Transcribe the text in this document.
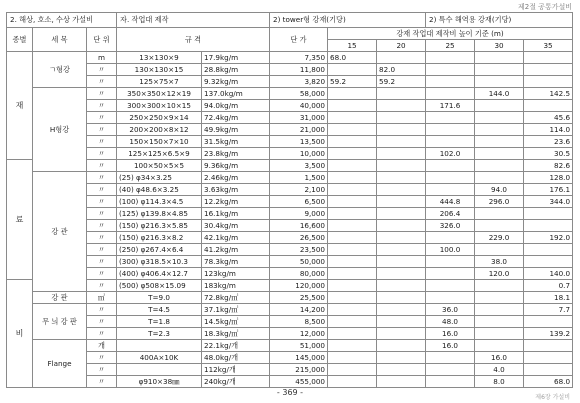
제2절 공통가설비
2. 해상, 호소, 수상 가설비			자. 작업대 제작		2) tower형 강재(기당)			2) 특수 해역용 강재(기당)		
종별	세 목	단 위	규 격		단 가	강재 작업대 제작비 높이 기준 (m)				
						15	20	25	30	35
재	ㄱ형강	m	13×130×9	17.9kg/m	7,350	68.0				
		〃	130×130×15	28.8kg/m	11,800		82.0			
		〃	125×75×7	9.32kg/m	3,820	59.2	59.2			
	H형강	〃	350×350×12×19	137.0kg/m	58,000				144.0	142.5
		〃	300×300×10×15	94.0kg/m	40,000			171.6		
		〃	250×250×9×14	72.4kg/m	31,000					45.6
		〃	200×200×8×12	49.9kg/m	21,000					114.0
		〃	150×150×7×10	31.5kg/m	13,500					23.6
		〃	125×125×6.5×9	23.8kg/m	10,000			102.0		30.5
료		〃	100×50×5×5	9.36kg/m	3,500					82.6
	강 관	〃	(25) φ34×3.25	2.46kg/m	1,500					128.0
		〃	(40) φ48.6×3.25	3.63kg/m	2,100				94.0	176.1
		〃	(100) φ114.3×4.5	12.2kg/m	6,500			444.8	296.0	344.0
		〃	(125) φ139.8×4.85	16.1kg/m	9,000			206.4		
		〃	(150) φ216.3×5.85	30.4kg/m	16,600			326.0		
		〃	(150) φ216.3×8.2	42.1kg/m	26,500				229.0	192.0
		〃	(250) φ267.4×6.4	41.2kg/m	23,500			100.0		
		〃	(300) φ318.5×10.3	78.3kg/m	50,000				38.0	
		〃	(400) φ406.4×12.7	123kg/m	80,000				120.0	140.0
비		〃	(500) φ508×15.09	183kg/m	120,000					0.7
	강 판	㎡	T=9.0	72.8kg/㎡	25,500					18.1
	무 늬 강 판	〃	T=4.5	37.1kg/㎡	14,200			36.0		7.7
		〃	T=1.8	14.5kg/㎡	8,500			48.0		
		〃	T=2.3	18.3kg/㎡	12,000			16.0		139.2
	Flange	개		22.1kg/개	51,000			16.0		
		〃	400A×10K	48.0kg/개	145,000				16.0	
		〃		112kg/개	215,000				4.0	
		〃	φ910×38㎜	240kg/개	455,000				8.0	68.0
- 369 -
제6장 가설비
